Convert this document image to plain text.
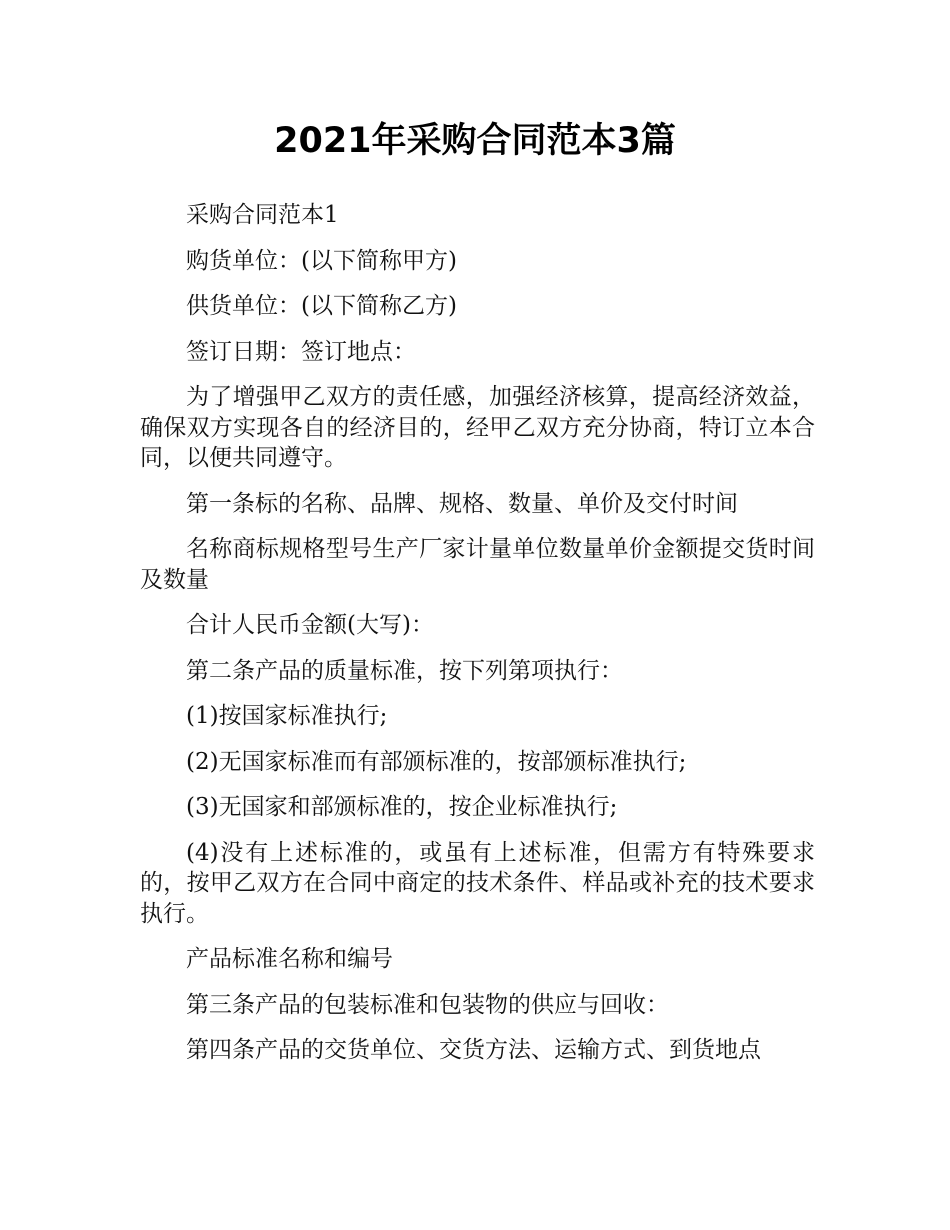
2021年采购合同范本3篇

采购合同范本1

购货单位：(以下简称甲方)

供货单位：(以下简称乙方)

签订日期：签订地点：

为了增强甲乙双方的责任感，加强经济核算，提高经济效益，确保双方实现各自的经济目的，经甲乙双方充分协商，特订立本合同，以便共同遵守。

第一条标的名称、品牌、规格、数量、单价及交付时间

名称商标规格型号生产厂家计量单位数量单价金额提交货时间及数量

合计人民币金额(大写)：

第二条产品的质量标准，按下列第项执行：

(1)按国家标准执行;

(2)无国家标准而有部颁标准的，按部颁标准执行;

(3)无国家和部颁标准的，按企业标准执行;

(4)没有上述标准的，或虽有上述标准，但需方有特殊要求的，按甲乙双方在合同中商定的技术条件、样品或补充的技术要求执行。

产品标准名称和编号

第三条产品的包装标准和包装物的供应与回收：

第四条产品的交货单位、交货方法、运输方式、到货地点
